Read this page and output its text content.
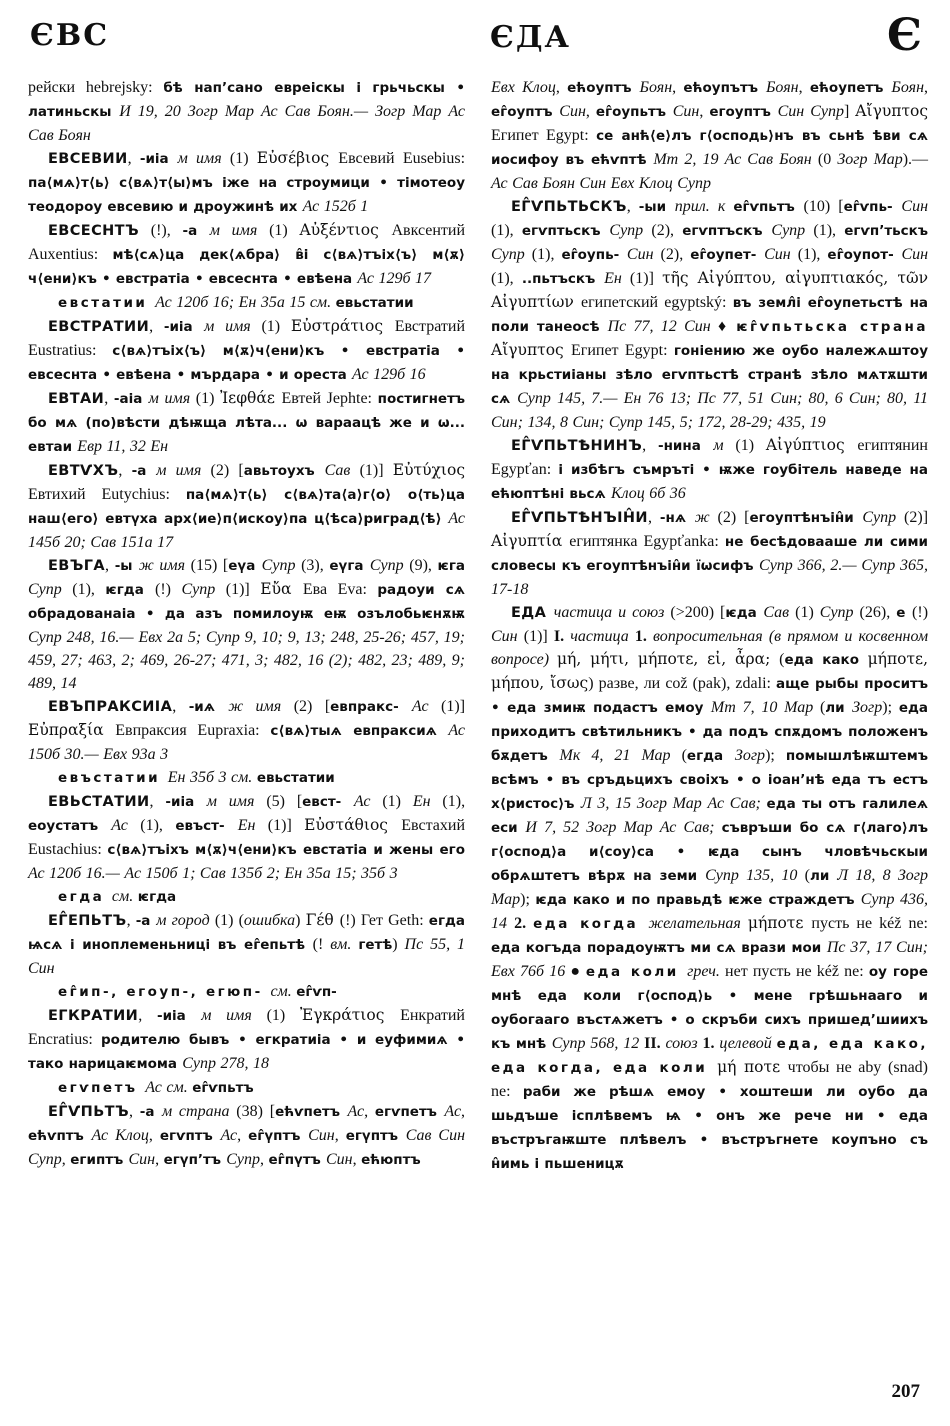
ЄВС	ЄДА	Є

рейски hebrejsky: бѣ нап’сано евреіскы і грьчьскы • латиньскы И 19, 20 Зогр Мар Ас Сав Боян.— Зогр Мар Ас Сав Боян

ЕВСЕВИИ, -иіа м имя (1) Εὐσέβιος Евсевий Eusebius: па⟨мѧ⟩т⟨ь⟩ с⟨вѧ⟩т⟨ы⟩мъ іже на строумици • тімотеоу теодороу евсевию и дроужинѣ их Ас 152б 1

ЕВСЕСНТЪ (!), -а м имя (1) Αὐξέντιος Авксентий Auxentius: мѣ⟨сѧ⟩ца дек⟨ѧбра⟩ в̂і с⟨вѧ⟩тъіх⟨ъ⟩ м⟨ѫ⟩ч⟨ени⟩къ • евстратіа • евсеснта • евѣена Ас 129б 17

евстатии Ас 120б 16; Ен 35а 15 см. евьстатии

ЕВСТРАТИИ, -иіа м имя (1) Εὐστράτιος Евстратий Eustratius: с⟨вѧ⟩тъіх⟨ъ⟩ м⟨ѫ⟩ч⟨ени⟩къ • евстратіа • евсеснта • евѣена • мърдара • и ореста Ас 129б 16

ЕВТАИ, -аіа м имя (1) Ἰεφθάε Евтей Jephte: постигнетъ бо мѧ (по)вѣсти дѣѭща лѣта... ѡ вараацѣ же и ѡ... евтаи Евр 11, 32 Ен

ЕВТѴХЪ, -а м имя (2) [авьтоухъ Сав (1)] Εὐτύχιος Евтихий Eutychius: па⟨мѧ⟩т⟨ь⟩ с⟨вѧ⟩та⟨а⟩г⟨о⟩ о⟨ть⟩ца наш⟨его⟩ евтүха арх⟨ие⟩п⟨искоу⟩па ц⟨ѣса⟩риград⟨ѣ⟩ Ас 145б 20; Сав 151а 17

ЕВЪГА, -ы ж имя (15) [еүа Супр (3), еүга Супр (9), ѥга Супр (1), ѥгда (!) Супр (1)] Εὔα Ева Eva: радоуи сѧ обрадованаіа • да азъ помилоуѭ еѭ озълобьѥнѫѭ Супр 248, 16.— Евх 2а 5; Супр 9, 10; 9, 13; 248, 25-26; 457, 19; 459, 27; 463, 2; 469, 26-27; 471, 3; 482, 16 (2); 482, 23; 489, 9; 489, 14

ЕВЪПРАКСИІА, -иѧ ж имя (2) [евпракс- Ас (1)] Εὐπραξία Евпраксия Eupraxia: с⟨вѧ⟩тыѧ евпраксиѧ Ас 150б 30.— Евх 93а 3

евъстатии Ен 35б 3 см. евьстатии

ЕВЬСТАТИИ, -иіа м имя (5) [евст- Ас (1) Ен (1), еоустатъ Ас (1), евъст- Ен (1)] Εὐστάθιος Евстахий Eustachius: с⟨вѧ⟩тъіхъ м⟨ѫ⟩ч⟨ени⟩къ евстатіа и жены его Ас 120б 16.— Ас 150б 1; Сав 135б 2; Ен 35а 15; 35б 3

егда см. ѥгда

ЕГ̂ЕПЬТЪ, -а м город (1) (ошибка) Γέθ (!) Гет Geth: егда ѩсѧ і иноплеменьниці въ ег̂епьтѣ (! вм. гетѣ) Пс 55, 1 Син

ег̂ип-, егоуп-, егюп- см. ег̂ѵп-

ЕГКРАТИИ, -иіа м имя (1) Ἐγκράτιος Енкратий Encratius: родителю бывъ • егкратиіа • и еуфимиѧ • тако нарицаѥмома Супр 278, 18

егѵпетъ Ас см. ег̂ѵпьтъ

ЕГ̂ѴПЬТЪ, -а м страна (38) [ећѵпетъ Ас, егѵпетъ Ас, ећѵптъ Ас Клоц, егѵптъ Ас, ег̂үптъ Син, егүптъ Сав Син Супр, египтъ Син, егүп’тъ Супр, ег̂пүтъ Син, ећюптъ

Евх Клоц, ећоуптъ Боян, ећоупътъ Боян, ећоупетъ Боян, ег̂оуптъ Син, ег̂оупьтъ Син, егоуптъ Син Супр] Αἴγυπτος Египет Egypt: се анћ⟨е⟩лъ г⟨осподь⟩нъ въ сьнѣ ѣви сѧ иосифоу въ ећѵптѣ Мт 2, 19 Ас Сав Боян (0 Зогр Мар).— Ас Сав Боян Син Евх Клоц Супр

ЕГ̂ѴПЬТЬСКЪ, -ыи прил. к ег̂ѵпьтъ (10) [ег̂ѵпь- Син (1), егѵптьскъ Супр (2), егѵптъскъ Супр (1), егѵп’тьскъ Супр (1), ег̂оупь- Син (2), ег̂оупет- Син (1), ег̂оупот- Син (1), ..пьтъскъ Ен (1)] τῆς Αἰγύπτου, αἰγυπτιακός, τῶν Αἰγυπτίων египетский egyptský: въ земл̂і ег̂оупетьстѣ на поли танеосѣ Пс 77, 12 Син ♦ ѥг̂ѵпьтьска страна Αἴγυπτος Египет Egypt: гоніению же оубо належѧштоу на крьстиіаны зѣло егѵптьстѣ странѣ зѣло мѧтѫшти сѧ Супр 145, 7.— Ен 76 13; Пс 77, 51 Син; 80, 6 Син; 80, 11 Син; 134, 8 Син; Супр 145, 5; 172, 28-29; 435, 19

ЕГ̂ѴПЬТѢНИНЪ, -нина м (1) Αἰγύπτιος египтянин Egypťan: і избѣгъ съмръті • ѭже гоубітель наведе на ећюптѣні вьсѧ Клоц 6б 36

ЕГ̂ѴПЬТѢНЪІН̂И, -нѧ ж (2) [егоуптѣнъін̂и Супр (2)] Αἰγυπτία египтянка Egypťanka: не бесѣдовааше ли сими словесы къ егоуптѣнъін̂и їѡсифъ Супр 366, 2.— Супр 365, 17-18

ЕДА частица и союз (>200) [ѥда Сав (1) Супр (26), е (!) Син (1)] I. частица 1. вопросительная (в прямом и косвенном вопросе) μή, μήτι, μήποτε, εἰ, ἆρα; (еда како μήποτε, μήπου, ἴσως) разве, ли což (pak), zdali: аще рыбы проситъ • еда змиѭ подастъ емоу Мт 7, 10 Мар (ли Зогр); еда приходитъ свѣтильникъ • да подъ спѫдомъ положенъ бѫдетъ Мк 4, 21 Мар (егда Зогр); помышлѣѭштемъ всѣмъ • въ сръдьцихъ своіхъ • о іоан’нѣ еда тъ естъ х⟨ристос⟩ъ Л 3, 15 Зогр Мар Ас Сав; еда ты отъ галилеѧ еси И 7, 52 Зогр Мар Ас Сав; съвръши бо сѧ г⟨лаго⟩лъ г⟨оспод⟩а и⟨соу⟩са • ѥда сынъ чловѣчьскыи обрѧштетъ вѣрѫ на земи Супр 135, 10 (ли Л 18, 8 Зогр Мар); ѥда како и по правьдѣ ѥже страждетъ Супр 436, 14 2. еда когда желательная μήποτε пусть не kéž ne: еда когъда порадоуѭтъ ми сѧ врази мои Пс 37, 17 Син; Евх 76б 16 ● еда коли греч. нет пусть не kéž ne: оу горе мнѣ еда коли г⟨оспод⟩ь • мене грѣшьнааго и оубогааго въстѧжетъ • о скръби сихъ пришед’шиихъ къ мнѣ Супр 568, 12 II. союз 1. целевой еда, еда како, еда когда, еда коли μή ποτε чтобы не aby (snad) ne: раби же рѣшѧ емоу • хоштеши ли оубо да шьдъше ісплѣвемъ ѩ • онъ же рече ни • еда въстръгаѭште плѣвелъ • въстръгнете коупъно съ н̂имь і пьшеницѫ

207
